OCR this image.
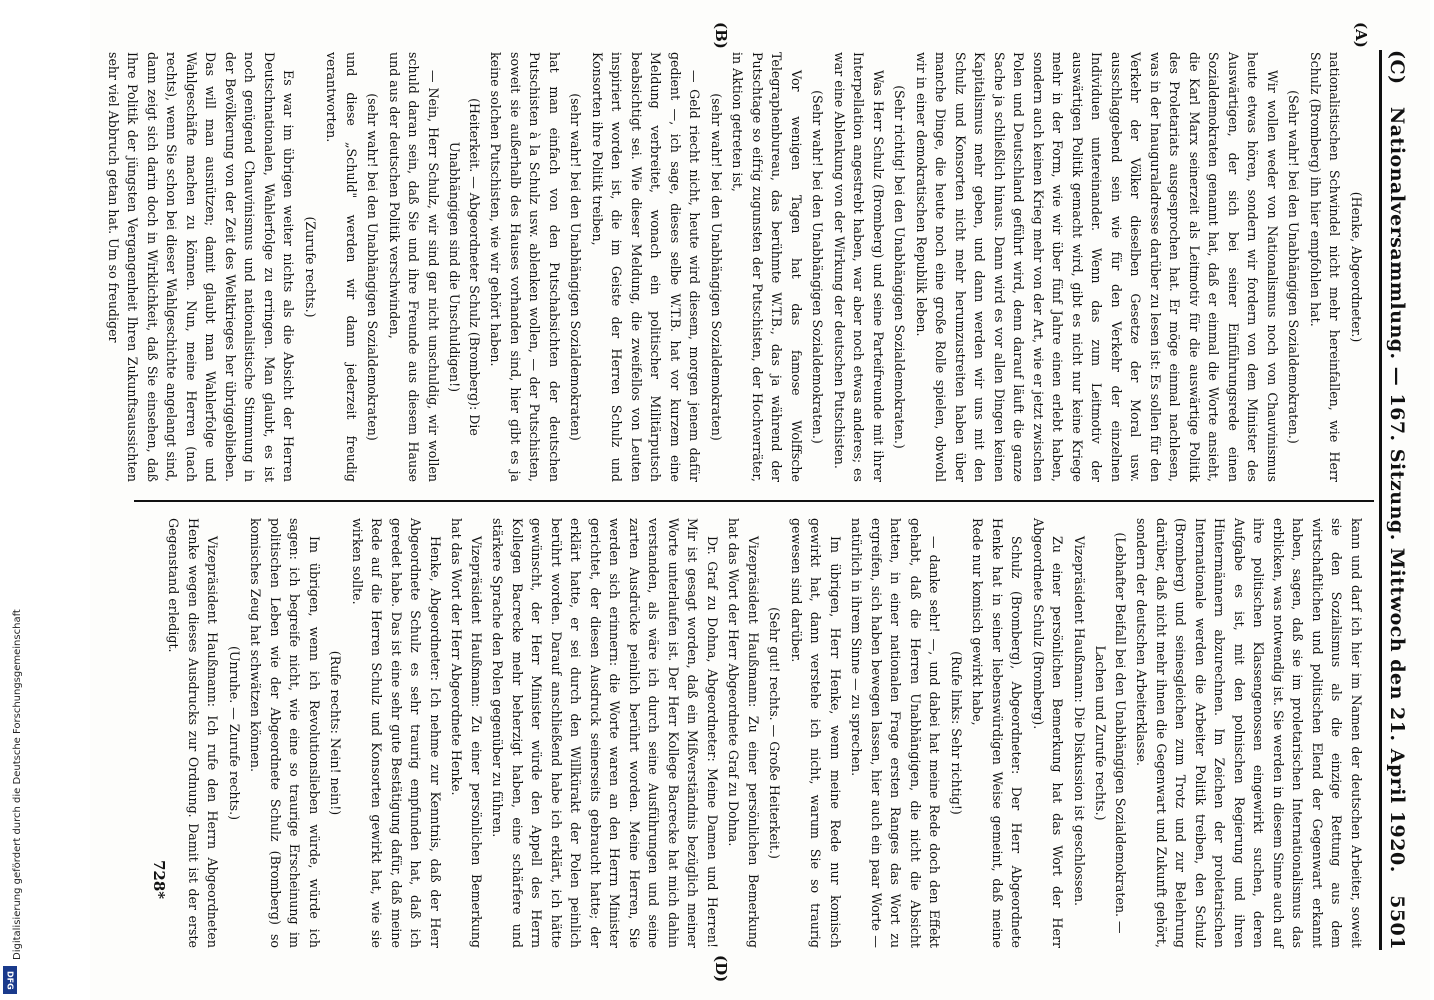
(C)
Nationalversammlung. — 167. Sitzung. Mittwoch den 21. April 1920.
5501
(A)
(B)
(D)

(Henke, Abgeordneter.)

nationalistischen Schwindel nicht mehr hereinfallen, wie Herr Schulz (Bromberg) ihn hier empfohlen hat.

(Sehr wahr! bei den Unabhängigen Sozialdemokraten.)

Wir wollen weder von Nationalismus noch von Chauvinismus heute etwas hören, sondern wir fordern von dem Minister des Auswärtigen, der sich bei seiner Einführungsrede einen Sozialdemokraten genannt hat, daß er einmal die Worte ansieht, die Karl Marx seinerzeit als Leitmotiv für die auswärtige Politik des Proletariats ausgesprochen hat. Er möge einmal nachlesen, was in der Inauguraladresse darüber zu lesen ist: Es sollen für den Verkehr der Völker dieselben Gesetze der Moral usw. ausschlaggebend sein wie für den Verkehr der einzelnen Individuen untereinander. Wenn das zum Leitmotiv der auswärtigen Politik gemacht wird, gibt es nicht nur keine Kriege mehr in der Form, wie wir über fünf Jahre einen erlebt haben, sondern auch keinen Krieg mehr von der Art, wie er jetzt zwischen Polen und Deutschland geführt wird, denn darauf läuft die ganze Sache ja schließlich hinaus. Dann wird es vor allen Dingen keinen Kapitalismus mehr geben, und dann werden wir uns mit den Schulz und Konsorten nicht mehr herumzustreiten haben über manche Dinge, die heute noch eine große Rolle spielen, obwohl wir in einer demokratischen Republik leben.

(Sehr richtig! bei den Unabhängigen Sozialdemokraten.)

Was Herr Schulz (Bromberg) und seine Parteifreunde mit ihrer Interpellation angestrebt haben, war aber noch etwas anderes; es war eine Ablenkung von der Wirkung der deutschen Putschisten.

(Sehr wahr! bei den Unabhängigen Sozialdemokraten.)

Vor wenigen Tagen hat das famose Wolffsche Telegraphenbureau, das berühmte W.T.B., das ja während der Putschtage so eifrig zugunsten der Putschisten, der Hochverräter, in Aktion getreten ist,

(sehr wahr! bei den Unabhängigen Sozialdemokraten)

— Geld riecht nicht, heute wird diesem, morgen jenem dafür gedient —, ich sage, dieses selbe W.T.B. hat vor kurzem eine Meldung verbreitet, wonach ein politischer Militärputsch beabsichtigt sei. Wie dieser Meldung, die zweifellos von Leuten inspiriert worden ist, die im Geiste der Herren Schulz und Konsorten ihre Politik treiben,

(sehr wahr! bei den Unabhängigen Sozialdemokraten)

hat man einfach von den Putschabsichten der deutschen Putschisten à la Schulz usw. ablenken wollen, — der Putschisten, soweit sie außerhalb des Hauses vorhanden sind, hier gibt es ja keine solchen Putschisten, wie wir gehört haben.

(Heiterkeit. — Abgeordneter Schulz (Bromberg): Die Unabhängigen sind die Unschuldigen!)

— Nein, Herr Schulz, wir sind gar nicht unschuldig, wir wollen schuld daran sein, daß Sie und ihre Freunde aus diesem Hause und aus der deutschen Politik verschwinden,

(sehr wahr! bei den Unabhängigen Sozialdemokraten)

und diese „Schuld" werden wir dann jederzeit freudig verantworten.

(Zurufe rechts.)

Es war im übrigen weiter nichts als die Absicht der Herren Deutschnationalen, Wahlerfolge zu erringen. Man glaubt, es ist noch genügend Chauvinismus und nationalistische Stimmung in der Bevölkerung von der Zeit des Weltkrieges her übriggeblieben. Das will man ausnützen; damit glaubt man Wahlerfolge und Wahlgeschäfte machen zu können. Nun, meine Herren (nach rechts), wenn Sie schon bei dieser Wahlgeschichte angelangt sind, dann zeigt sich darin doch in Wirklichkeit, daß Sie einsehen, daß Ihre Politik der jüngsten Vergangenheit Ihren Zukunftsaussichten sehr viel Abbruch getan hat. Um so freudiger

kann und darf ich hier im Namen der deutschen Arbeiter, soweit sie den Sozialismus als die einzige Rettung aus dem wirtschaftlichen und politischen Elend der Gegenwart erkannt haben, sagen, daß sie im proletarischen Internationalismus das erblicken, was notwendig ist. Sie werden in diesem Sinne auch auf ihre politischen Klassengenossen eingewirkt suchen, deren Aufgabe es ist, mit den polnischen Regierung und ihren Hintermännern abzurechnen. Im Zeichen der proletarischen Internationale werden die Arbeiter Politik treiben, den Schulz (Bromberg) und seinesgleichen zum Trotz und zur Belehrung darüber, daß nicht mehr ihnen die Gegenwart und Zukunft gehört, sondern der deutschen Arbeiterklasse.

(Lebhafter Beifall bei den Unabhängigen Sozialdemokraten. — Lachen und Zurufe rechts.)

Vizepräsident Haußmann: Die Diskussion ist geschlossen.

Zu einer persönlichen Bemerkung hat das Wort der Herr Abgeordnete Schulz (Bromberg).

Schulz (Bromberg), Abgeordneter: Der Herr Abgeordnete Henke hat in seiner liebenswürdigen Weise gemeint, daß meine Rede nur komisch gewirkt habe,

(Rufe links: Sehr richtig!)

— danke sehr! —, und dabei hat meine Rede doch den Effekt gehabt, daß die Herren Unabhängigen, die nicht die Absicht hatten, in einer nationalen Frage ersten Ranges das Wort zu ergreifen, sich haben bewegen lassen, hier auch ein paar Worte — natürlich in ihrem Sinne — zu sprechen.

Im übrigen, Herr Henke, wenn meine Rede nur komisch gewirkt hat, dann verstehe ich nicht, warum Sie so traurig gewesen sind darüber.

(Sehr gut! rechts. — Große Heiterkeit.)

Vizepräsident Haußmann: Zu einer persönlichen Bemerkung hat das Wort der Herr Abgeordnete Graf zu Dohna.

Dr. Graf zu Dohna, Abgeordneter: Meine Damen und Herren! Mir ist gesagt worden, daß ein Mißverständnis bezüglich meiner Worte unterlaufen ist. Der Herr Kollege Bacrecke hat mich dahin verstanden, als wäre ich durch seine Ausführungen und seine zarten Ausdrücke peinlich berührt worden. Meine Herren, Sie werden sich erinnern: die Worte waren an den Herrn Minister gerichtet, der diesen Ausdruck seinerseits gebraucht hatte; der erklärt hatte, er sei durch den Willkürakt der Polen peinlich berührt worden. Darauf anschließend habe ich erklärt, ich hätte gewünscht, der Herr Minister würde den Appell des Herrn Kollegen Bacrecke mehr beherzigt haben, eine schärfere und stärkere Sprache den Polen gegenüber zu führen.

Vizepräsident Haußmann: Zu einer persönlichen Bemerkung hat das Wort der Herr Abgeordnete Henke.

Henke, Abgeordneter: Ich nehme zur Kenntnis, daß der Herr Abgeordnete Schulz es sehr traurig empfunden hat, daß ich geredet habe. Das ist eine sehr gute Bestätigung dafür, daß meine Rede auf die Herren Schulz und Konsorten gewirkt hat, wie sie wirken sollte.

(Rufe rechts: Nein! nein!)

Im übrigen, wenn ich Revolutionslieben würde, würde ich sagen: ich begreife nicht, wie eine so traurige Erscheinung im politischen Leben wie der Abgeordnete Schulz (Bromberg) so komisches Zeug hat schwätzen können.

(Unruhe. — Zurufe rechts.)

Vizepräsident Haußmann: Ich rufe den Herrn Abgeordneten Henke wegen dieses Ausdrucks zur Ordnung. Damit ist der erste Gegenstand erledigt.

728*
Digitalisierung gefördert durch die Deutsche Forschungsgemeinschaft
DFG
